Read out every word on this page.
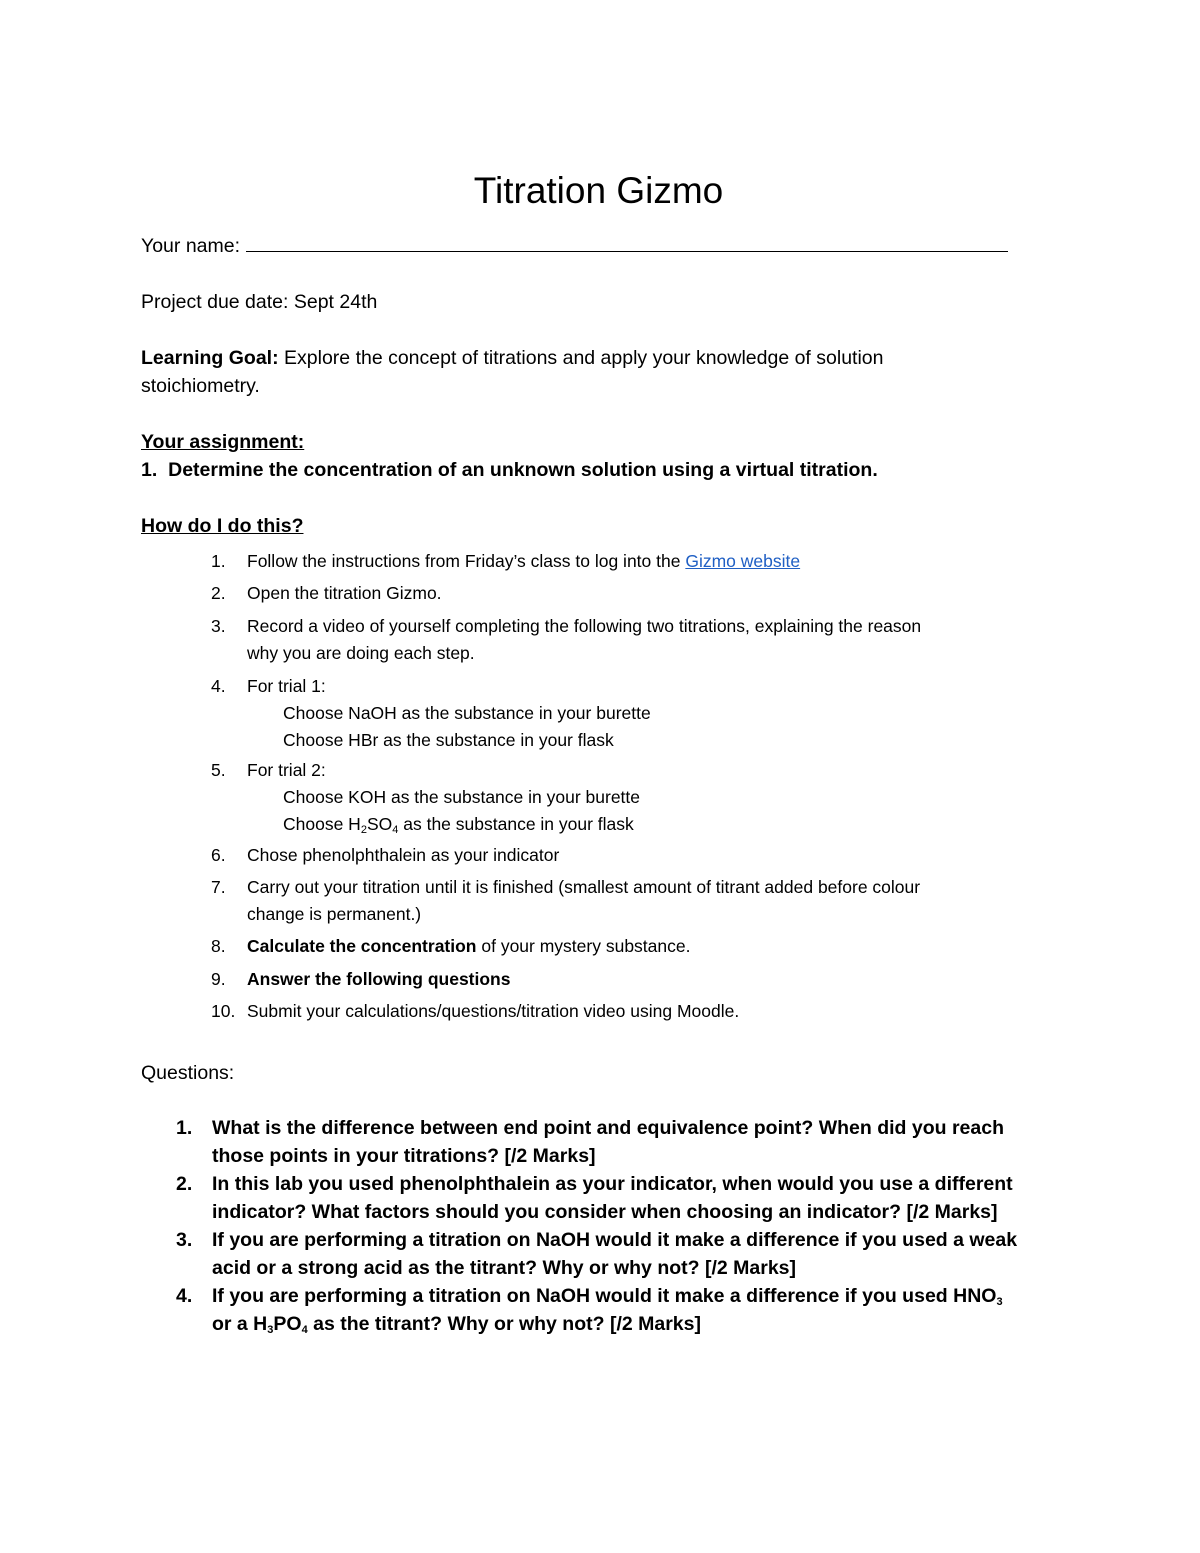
Titration Gizmo
Your name:
Project due date: Sept 24th
Learning Goal: Explore the concept of titrations and apply your knowledge of solution
stoichiometry.
Your assignment:
1. Determine the concentration of an unknown solution using a virtual titration.
How do I do this?
1.	Follow the instructions from Friday’s class to log into the Gizmo website
2.	Open the titration Gizmo.
3.	Record a video of yourself completing the following two titrations, explaining the reason
why you are doing each step.
4.	For trial 1:
Choose NaOH as the substance in your burette
Choose HBr as the substance in your flask
5.	For trial 2:
Choose KOH as the substance in your burette
Choose $H_2SO_4$ as the substance in your flask
6.	Chose phenolphthalein as your indicator
7.	Carry out your titration until it is finished (smallest amount of titrant added before colour
change is permanent.)
8.	Calculate the concentration of your mystery substance.
9.	Answer the following questions
10. Submit your calculations/questions/titration video using Moodle.
Questions:
1. What is the difference between end point and equivalence point? When did you reach
those points in your titrations? [/2 Marks]
2. In this lab you used phenolphthalein as your indicator, when would you use a different
indicator? What factors should you consider when choosing an indicator? [/2 Marks]
3. If you are performing a titration on NaOH would it make a difference if you used a weak
acid or a strong acid as the titrant? Why or why not? [/2 Marks]
4. If you are performing a titration on NaOH would it make a difference if you used $HNO_3$
or a $H_3PO_4$ as the titrant? Why or why not? [/2 Marks]
